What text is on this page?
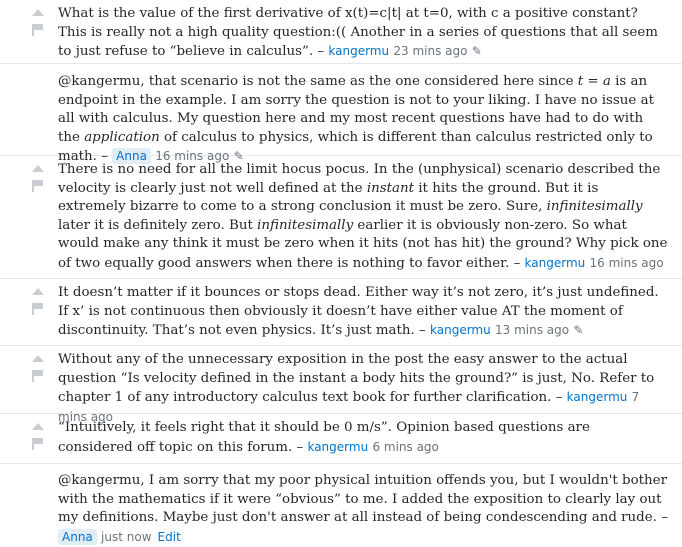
What is the value of the first derivative of x(t)=c|t| at t=0, with c a positive constant? This is really not a high quality question:(( Another in a series of questions that all seem to just refuse to “believe in calculus”. – kangermu 23 mins ago ✎
@kangermu, that scenario is not the same as the one considered here since t = a is an endpoint in the example. I am sorry the question is not to your liking. I have no issue at all with calculus. My question here and my most recent questions have had to do with the application of calculus to physics, which is different than calculus restricted only to math. – Anna 16 mins ago ✎
There is no need for all the limit hocus pocus. In the (unphysical) scenario described the velocity is clearly just not well defined at the instant it hits the ground. But it is extremely bizarre to come to a strong conclusion it must be zero. Sure, infinitesimally later it is definitely zero. But infinitesimally earlier it is obviously non-zero. So what would make any think it must be zero when it hits (not has hit) the ground? Why pick one of two equally good answers when there is nothing to favor either. – kangermu 16 mins ago
It doesn’t matter if it bounces or stops dead. Either way it’s not zero, it’s just undefined. If x’ is not continuous then obviously it doesn’t have either value AT the moment of discontinuity. That’s not even physics. It’s just math. – kangermu 13 mins ago ✎
Without any of the unnecessary exposition in the post the easy answer to the actual question “Is velocity defined in the instant a body hits the ground?” is just, No. Refer to chapter 1 of any introductory calculus text book for further clarification. – kangermu 7 mins ago
“Intuitively, it feels right that it should be 0 m/s”. Opinion based questions are considered off topic on this forum. – kangermu 6 mins ago
@kangermu, I am sorry that my poor physical intuition offends you, but I wouldn't bother with the mathematics if it were “obvious” to me. I added the exposition to clearly lay out my definitions. Maybe just don't answer at all instead of being condescending and rude. – Anna just now Edit
